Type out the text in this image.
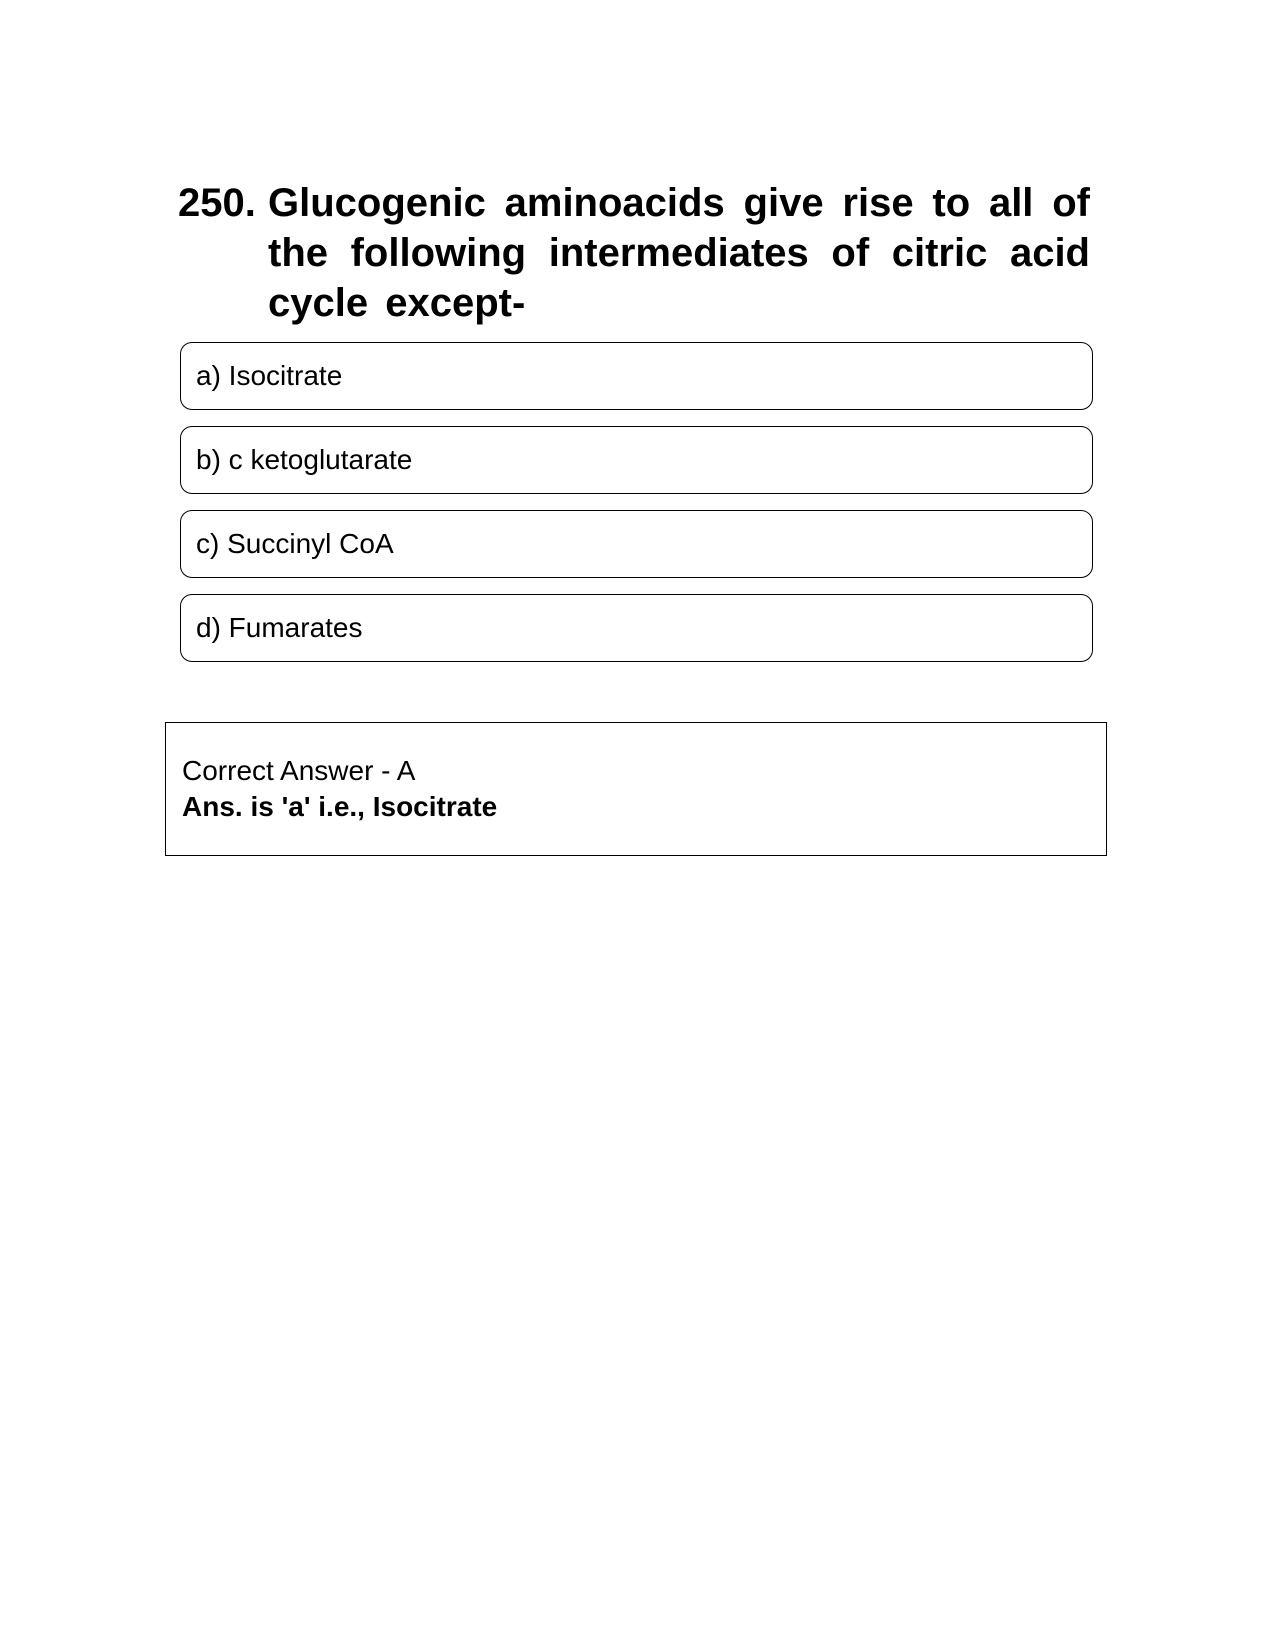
250. Glucogenic aminoacids give rise to all of the following intermediates of citric acid cycle except-
a) Isocitrate
b) c ketoglutarate
c) Succinyl CoA
d) Fumarates
Correct Answer - A
Ans. is 'a' i.e., Isocitrate
